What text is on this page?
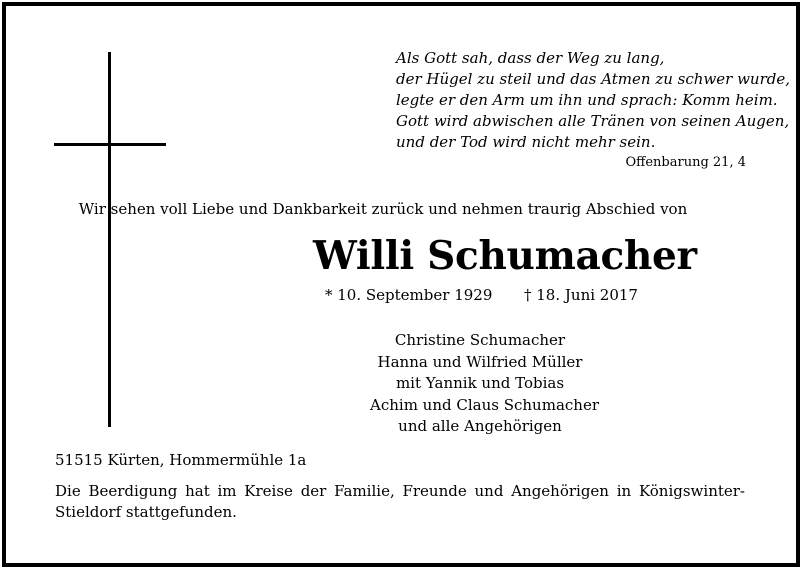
Als Gott sah, dass der Weg zu lang,
der Hügel zu steil und das Atmen zu schwer wurde,
legte er den Arm um ihn und sprach: Komm heim.
Gott wird abwischen alle Tränen von seinen Augen,
und der Tod wird nicht mehr sein.
Offenbarung 21, 4
Wir sehen voll Liebe und Dankbarkeit zurück und nehmen traurig Abschied von
Willi Schumacher
* 10. September 1929 † 18. Juni 2017
Christine Schumacher
Hanna und Wilfried Müller
mit Yannik und Tobias
Achim und Claus Schumacher
und alle Angehörigen
51515 Kürten, Hommermühle 1a
Die Beerdigung hat im Kreise der Familie, Freunde und Angehörigen in Königswinter-Stieldorf stattgefunden.
